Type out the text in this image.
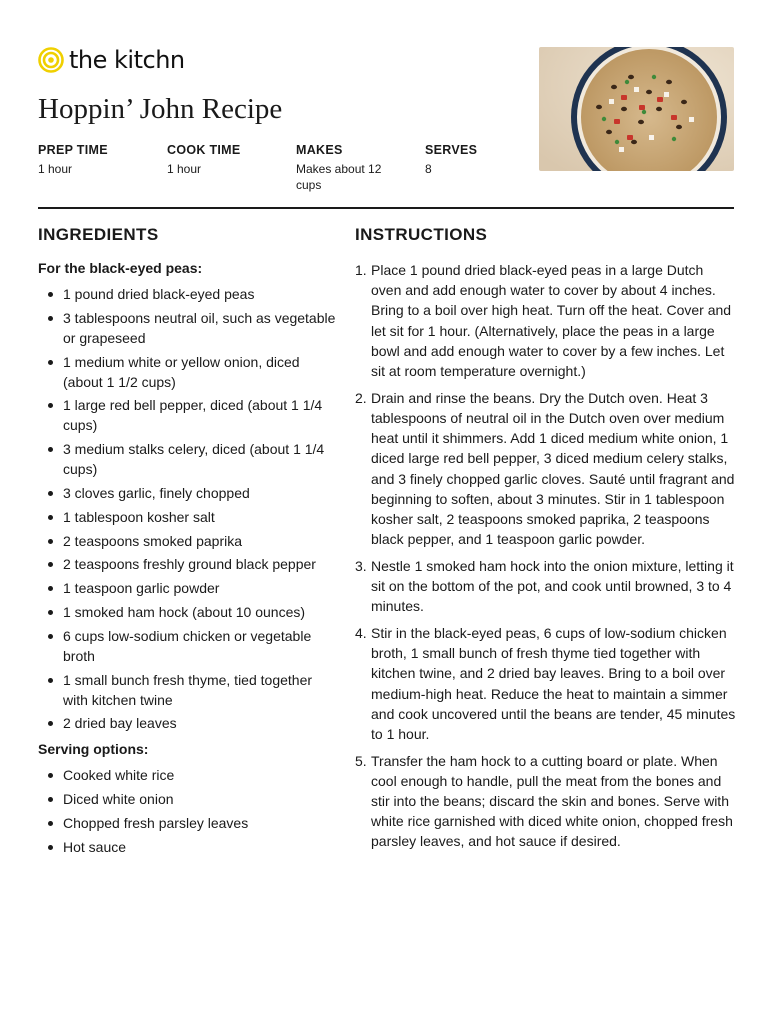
the kitchn
Hoppin’ John Recipe
PREP TIME
1 hour
COOK TIME
1 hour
MAKES
Makes about 12 cups
SERVES
8
INGREDIENTS

For the black-eyed peas:

1 pound dried black-eyed peas
3 tablespoons neutral oil, such as vegetable or grapeseed
1 medium white or yellow onion, diced (about 1 1/2 cups)
1 large red bell pepper, diced (about 1 1/4 cups)
3 medium stalks celery, diced (about 1 1/4 cups)
3 cloves garlic, finely chopped
1 tablespoon kosher salt
2 teaspoons smoked paprika
2 teaspoons freshly ground black pepper
1 teaspoon garlic powder
1 smoked ham hock (about 10 ounces)
6 cups low-sodium chicken or vegetable broth
1 small bunch fresh thyme, tied together with kitchen twine
2 dried bay leaves

Serving options:

Cooked white rice
Diced white onion
Chopped fresh parsley leaves
Hot sauce
INSTRUCTIONS
1. Place 1 pound dried black-eyed peas in a large Dutch oven and add enough water to cover by about 4 inches. Bring to a boil over high heat. Turn off the heat. Cover and let sit for 1 hour. (Alternatively, place the peas in a large bowl and add enough water to cover by a few inches. Let sit at room temperature overnight.)
2. Drain and rinse the beans. Dry the Dutch oven. Heat 3 tablespoons of neutral oil in the Dutch oven over medium heat until it shimmers. Add 1 diced medium white onion, 1 diced large red bell pepper, 3 diced medium celery stalks, and 3 finely chopped garlic cloves. Sauté until fragrant and beginning to soften, about 3 minutes. Stir in 1 tablespoon kosher salt, 2 teaspoons smoked paprika, 2 teaspoons black pepper, and 1 teaspoon garlic powder.
3. Nestle 1 smoked ham hock into the onion mixture, letting it sit on the bottom of the pot, and cook until browned, 3 to 4 minutes.
4. Stir in the black-eyed peas, 6 cups of low-sodium chicken broth, 1 small bunch of fresh thyme tied together with kitchen twine, and 2 dried bay leaves. Bring to a boil over medium-high heat. Reduce the heat to maintain a simmer and cook uncovered until the beans are tender, 45 minutes to 1 hour.
5. Transfer the ham hock to a cutting board or plate. When cool enough to handle, pull the meat from the bones and stir into the beans; discard the skin and bones. Serve with white rice garnished with diced white onion, chopped fresh parsley leaves, and hot sauce if desired.
